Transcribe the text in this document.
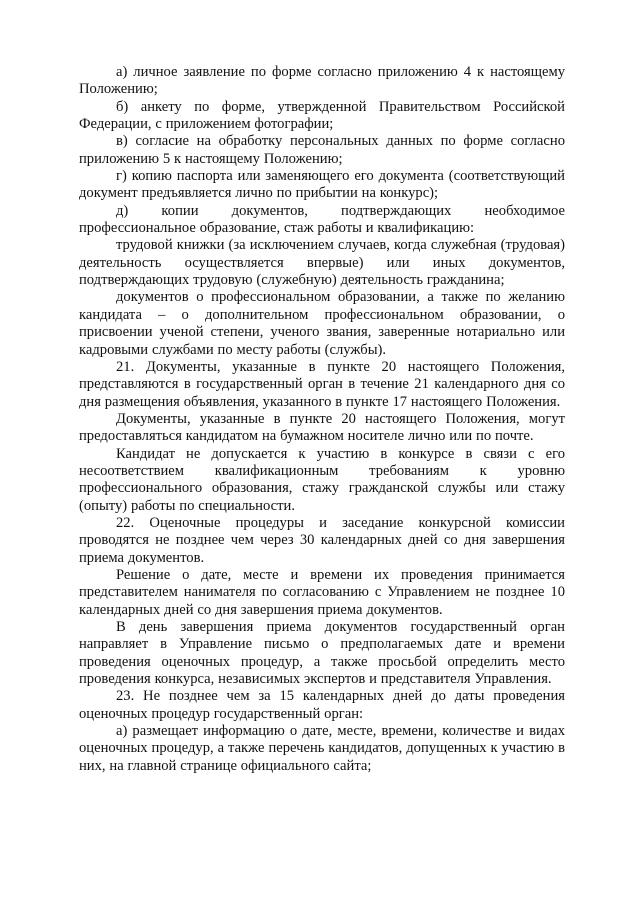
а) личное заявление по форме согласно приложению 4 к настоящему Положению;

б) анкету по форме, утвержденной Правительством Российской Федерации, с приложением фотографии;

в) согласие на обработку персональных данных по форме согласно приложению 5 к настоящему Положению;

г) копию паспорта или заменяющего его документа (соответствующий документ предъявляется лично по прибытии на конкурс);

д) копии документов, подтверждающих необходимое профессиональное образование, стаж работы и квалификацию:

трудовой книжки (за исключением случаев, когда служебная (трудовая) деятельность осуществляется впервые) или иных документов, подтверждающих трудовую (служебную) деятельность гражданина;

документов о профессиональном образовании, а также по желанию кандидата – о дополнительном профессиональном образовании, о присвоении ученой степени, ученого звания, заверенные нотариально или кадровыми службами по месту работы (службы).

21. Документы, указанные в пункте 20 настоящего Положения, представляются в государственный орган в течение 21 календарного дня со дня размещения объявления, указанного в пункте 17 настоящего Положения.

Документы, указанные в пункте 20 настоящего Положения, могут предоставляться кандидатом на бумажном носителе лично или по почте.

Кандидат не допускается к участию в конкурсе в связи с его несоответствием квалификационным требованиям к уровню профессионального образования, стажу гражданской службы или стажу (опыту) работы по специальности.

22. Оценочные процедуры и заседание конкурсной комиссии проводятся не позднее чем через 30 календарных дней со дня завершения приема документов.

Решение о дате, месте и времени их проведения принимается представителем нанимателя по согласованию с Управлением не позднее 10 календарных дней со дня завершения приема документов.

В день завершения приема документов государственный орган направляет в Управление письмо о предполагаемых дате и времени проведения оценочных процедур, а также просьбой определить место проведения конкурса, независимых экспертов и представителя Управления.

23. Не позднее чем за 15 календарных дней до даты проведения оценочных процедур государственный орган:

а) размещает информацию о дате, месте, времени, количестве и видах оценочных процедур, а также перечень кандидатов, допущенных к участию в них, на главной странице официального сайта;
